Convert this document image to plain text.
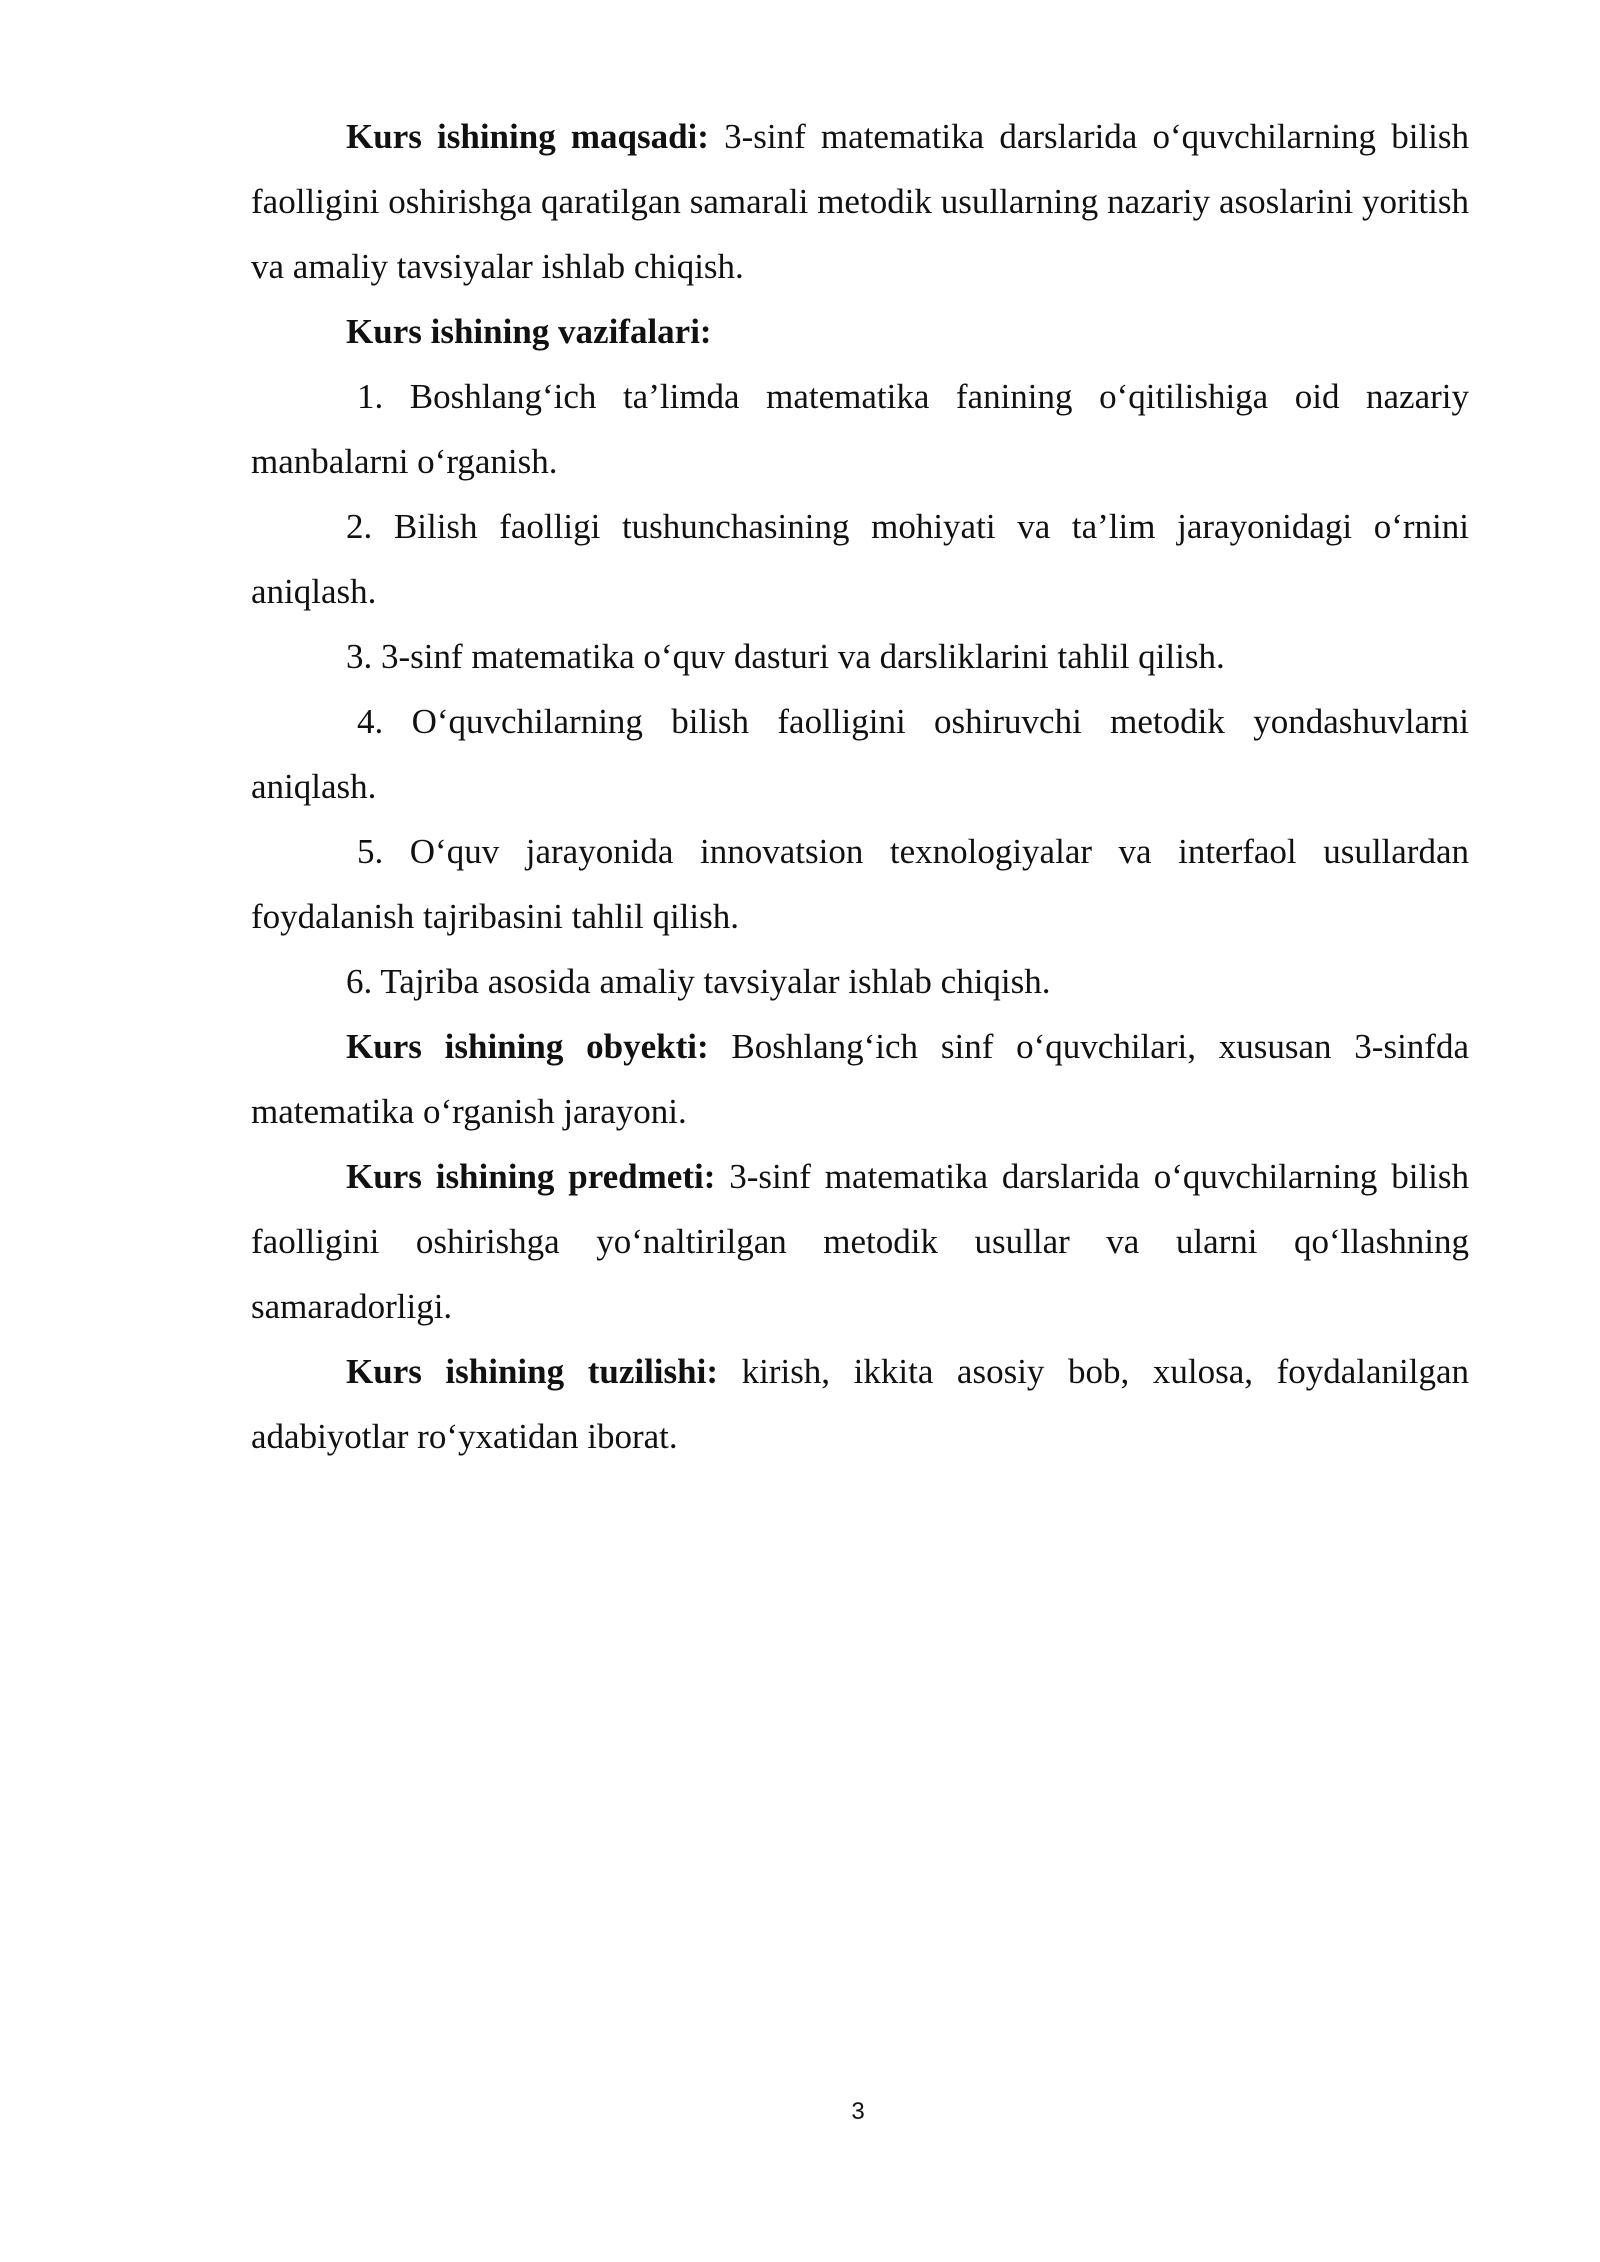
Kurs ishining maqsadi: 3-sinf matematika darslarida o‘quvchilarning bilish faolligini oshirishga qaratilgan samarali metodik usullarning nazariy asoslarini yoritish va amaliy tavsiyalar ishlab chiqish.

Kurs ishining vazifalari:

1. Boshlang‘ich ta’limda matematika fanining o‘qitilishiga oid nazariy manbalarni o‘rganish.

2. Bilish faolligi tushunchasining mohiyati va ta’lim jarayonidagi o‘rnini aniqlash.

3. 3-sinf matematika o‘quv dasturi va darsliklarini tahlil qilish.

4. O‘quvchilarning bilish faolligini oshiruvchi metodik yondashuvlarni aniqlash.

5. O‘quv jarayonida innovatsion texnologiyalar va interfaol usullardan foydalanish tajribasini tahlil qilish.

6. Tajriba asosida amaliy tavsiyalar ishlab chiqish.

Kurs ishining obyekti: Boshlang‘ich sinf o‘quvchilari, xususan 3-sinfda matematika o‘rganish jarayoni.

Kurs ishining predmeti: 3-sinf matematika darslarida o‘quvchilarning bilish faolligini oshirishga yo‘naltirilgan metodik usullar va ularni qo‘llashning samaradorligi.

Kurs ishining tuzilishi: kirish, ikkita asosiy bob, xulosa, foydalanilgan adabiyotlar ro‘yxatidan iborat.

3
